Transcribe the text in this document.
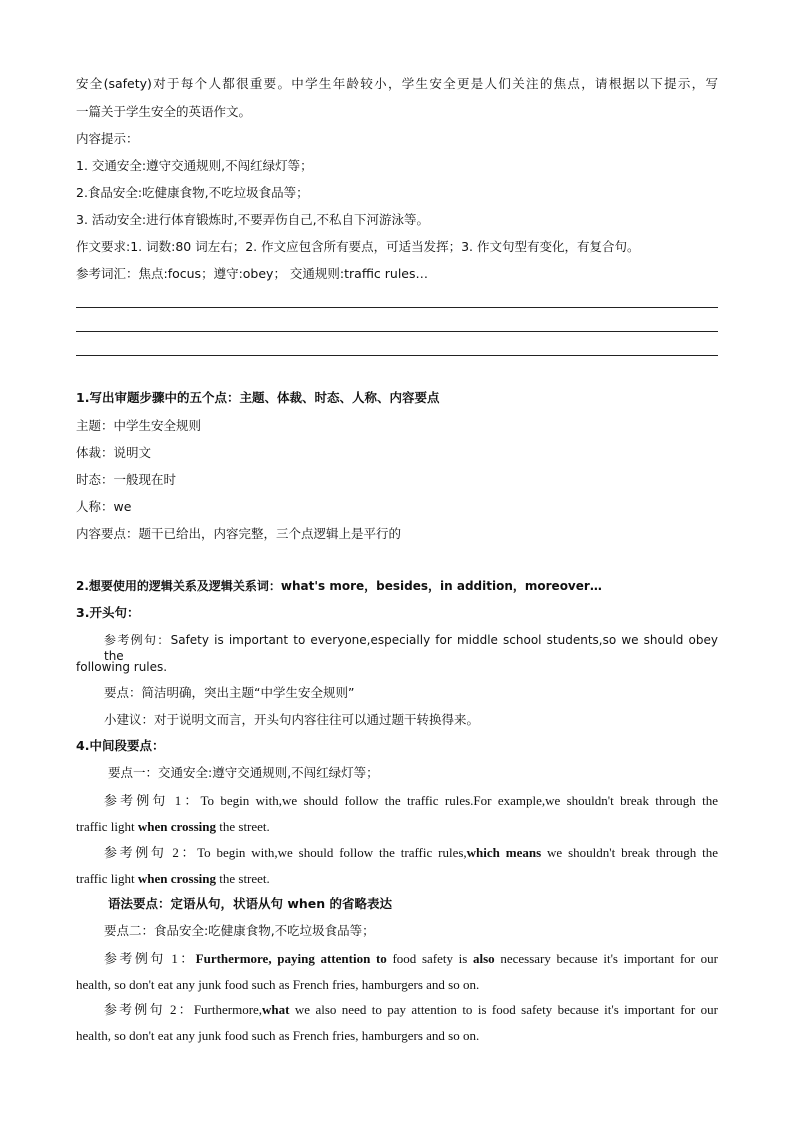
安全(safety)对于每个人都很重要。中学生年龄较小，学生安全更是人们关注的焦点，请根据以下提示，写
一篇关于学生安全的英语作文。
内容提示：
1. 交通安全:遵守交通规则,不闯红绿灯等；
2.食品安全:吃健康食物,不吃垃圾食品等；
3. 活动安全:进行体育锻炼时,不要弄伤自己,不私自下河游泳等。
作文要求:1. 词数:80 词左右；2. 作文应包含所有要点，可适当发挥；3. 作文句型有变化，有复合句。
参考词汇：焦点:focus；遵守:obey； 交通规则:traffic rules…
1.写出审题步骤中的五个点：主题、体裁、时态、人称、内容要点
主题：中学生安全规则
体裁：说明文
时态：一般现在时
人称：we
内容要点：题干已给出，内容完整，三个点逻辑上是平行的
2.想要使用的逻辑关系及逻辑关系词：what's more，besides，in addition，moreover…
3.开头句：
参考例句：Safety is important to everyone,especially for middle school students,so we should obey the
following rules.
要点：简洁明确，突出主题“中学生安全规则”
小建议：对于说明文而言，开头句内容往往可以通过题干转换得来。
4.中间段要点：
要点一：交通安全:遵守交通规则,不闯红绿灯等；
参考例句 1：To begin with,we should follow the traffic rules.For example,we shouldn't break through the
traffic light when crossing the street.
参考例句 2：To begin with,we should follow the traffic rules,which means we shouldn't break through the
traffic light when crossing the street.
语法要点：定语从句，状语从句 when 的省略表达
要点二：食品安全:吃健康食物,不吃垃圾食品等；
参考例句 1：Furthermore, paying attention to food safety is also necessary because it's important for our
health, so don't eat any junk food such as French fries, hamburgers and so on.
参考例句 2：Furthermore,what we also need to pay attention to is food safety because it's important for our
health, so don't eat any junk food such as French fries, hamburgers and so on.
